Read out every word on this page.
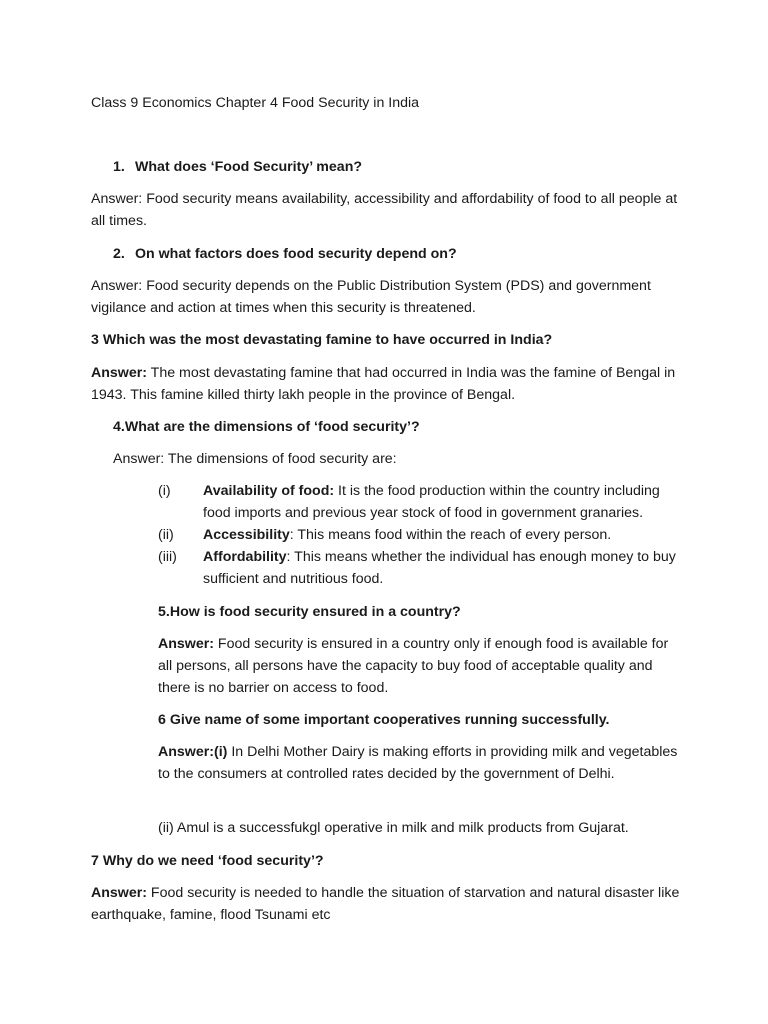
Class 9 Economics Chapter 4 Food Security in India

1. What does ‘Food Security’ mean?

Answer: Food security means availability, accessibility and affordability of food to all people at all times.

2. On what factors does food security depend on?

Answer: Food security depends on the Public Distribution System (PDS) and government vigilance and action at times when this security is threatened.

3 Which was the most devastating famine to have occurred in India?

Answer: The most devastating famine that had occurred in India was the famine of Bengal in 1943. This famine killed thirty lakh people in the province of Bengal.

4.What are the dimensions of ‘food security’?

Answer: The dimensions of food security are:

(i)	Availability of food: It is the food production within the country including food imports and previous year stock of food in government granaries.

(ii)	Accessibility: This means food within the reach of every person.

(iii)	Affordability: This means whether the individual has enough money to buy sufficient and nutritious food.

5.How is food security ensured in a country?

Answer: Food security is ensured in a country only if enough food is available for all persons, all persons have the capacity to buy food of acceptable quality and there is no barrier on access to food.

6 Give name of some important cooperatives running successfully.

Answer:(i) In Delhi Mother Dairy is making efforts in providing milk and vegetables to the consumers at controlled rates decided by the government of Delhi.

(ii) Amul is a successfukgl operative in milk and milk products from Gujarat.

7 Why do we need ‘food security’?

Answer: Food security is needed to handle the situation of starvation and natural disaster like earthquake, famine, flood Tsunami etc
